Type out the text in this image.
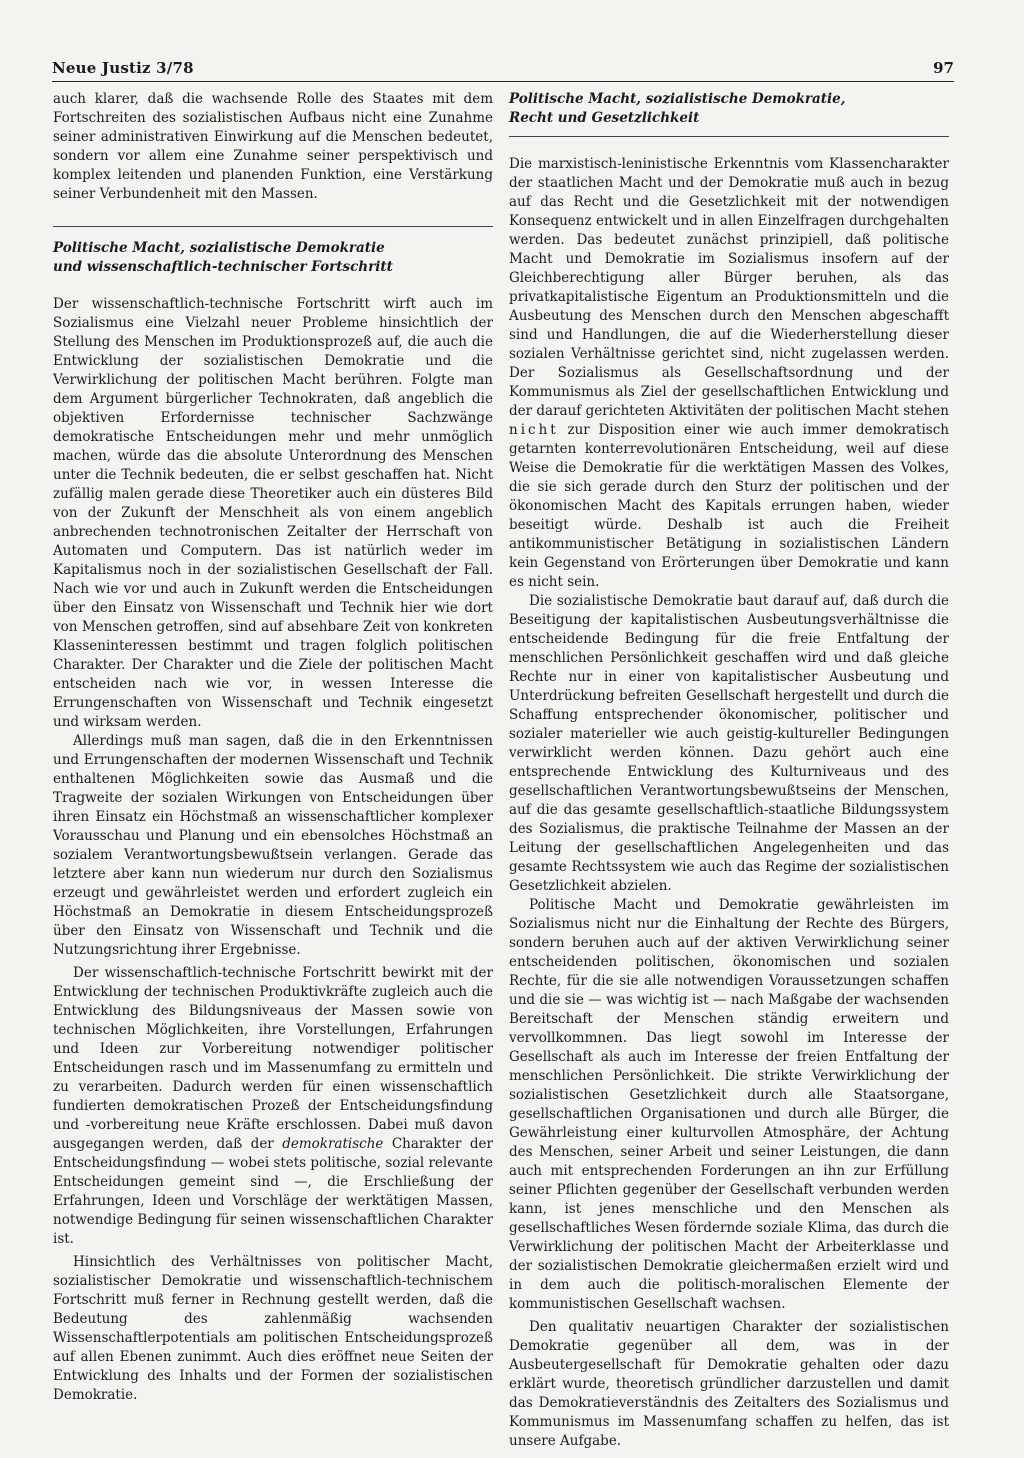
Neue Justiz 3/78	97

auch klarer, daß die wachsende Rolle des Staates mit dem Fortschreiten des sozialistischen Aufbaus nicht eine Zunahme seiner administrativen Einwirkung auf die Menschen bedeutet, sondern vor allem eine Zunahme seiner perspektivisch und komplex leitenden und planenden Funktion, eine Verstärkung seiner Verbundenheit mit den Massen.

Politische Macht, sozialistische Demokratie

und wissenschaftlich-technischer Fortschritt

Der wissenschaftlich-technische Fortschritt wirft auch im Sozialismus eine Vielzahl neuer Probleme hinsichtlich der Stellung des Menschen im Produktionsprozeß auf, die auch die Entwicklung der sozialistischen Demokratie und die Verwirklichung der politischen Macht berühren. Folgte man dem Argument bürgerlicher Technokraten, daß angeblich die objektiven Erfordernisse technischer Sachzwänge demokratische Entscheidungen mehr und mehr unmöglich machen, würde das die absolute Unterordnung des Menschen unter die Technik bedeuten, die er selbst geschaffen hat. Nicht zufällig malen gerade diese Theoretiker auch ein düsteres Bild von der Zukunft der Menschheit als von einem angeblich anbrechenden technotronischen Zeitalter der Herrschaft von Automaten und Computern. Das ist natürlich weder im Kapitalismus noch in der sozialistischen Gesellschaft der Fall. Nach wie vor und auch in Zukunft werden die Entscheidungen über den Einsatz von Wissenschaft und Technik hier wie dort von Menschen getroffen, sind auf absehbare Zeit von konkreten Klasseninteressen bestimmt und tragen folglich politischen Charakter. Der Charakter und die Ziele der politischen Macht entscheiden nach wie vor, in wessen Interesse die Errungenschaften von Wissenschaft und Technik eingesetzt und wirksam werden.

Allerdings muß man sagen, daß die in den Erkenntnissen und Errungenschaften der modernen Wissenschaft und Technik enthaltenen Möglichkeiten sowie das Ausmaß und die Tragweite der sozialen Wirkungen von Entscheidungen über ihren Einsatz ein Höchstmaß an wissenschaftlicher komplexer Vorausschau und Planung und ein ebensolches Höchstmaß an sozialem Verantwortungsbewußtsein verlangen. Gerade das letztere aber kann nun wiederum nur durch den Sozialismus erzeugt und gewährleistet werden und erfordert zugleich ein Höchstmaß an Demokratie in diesem Entscheidungsprozeß über den Einsatz von Wissenschaft und Technik und die Nutzungsrichtung ihrer Ergebnisse.

Der wissenschaftlich-technische Fortschritt bewirkt mit der Entwicklung der technischen Produktivkräfte zugleich auch die Entwicklung des Bildungsniveaus der Massen sowie von technischen Möglichkeiten, ihre Vorstellungen, Erfahrungen und Ideen zur Vorbereitung notwendiger politischer Entscheidungen rasch und im Massenumfang zu ermitteln und zu verarbeiten. Dadurch werden für einen wissenschaftlich fundierten demokratischen Prozeß der Entscheidungsfindung und -vorbereitung neue Kräfte erschlossen. Dabei muß davon ausgegangen werden, daß der demokratische Charakter der Entscheidungsfindung — wobei stets politische, sozial relevante Entscheidungen gemeint sind —, die Erschließung der Erfahrungen, Ideen und Vorschläge der werktätigen Massen, notwendige Bedingung für seinen wissenschaftlichen Charakter ist.

Hinsichtlich des Verhältnisses von politischer Macht, sozialistischer Demokratie und wissenschaftlich-technischem Fortschritt muß ferner in Rechnung gestellt werden, daß die Bedeutung des zahlenmäßig wachsenden Wissenschaftlerpotentials am politischen Entscheidungsprozeß auf allen Ebenen zunimmt. Auch dies eröffnet neue Seiten der Entwicklung des Inhalts und der Formen der sozialistischen Demokratie.

Politische Macht, sozialistische Demokratie,

Recht und Gesetzlichkeit

Die marxistisch-leninistische Erkenntnis vom Klassencharakter der staatlichen Macht und der Demokratie muß auch in bezug auf das Recht und die Gesetzlichkeit mit der notwendigen Konsequenz entwickelt und in allen Einzelfragen durchgehalten werden. Das bedeutet zunächst prinzipiell, daß politische Macht und Demokratie im Sozialismus insofern auf der Gleichberechtigung aller Bürger beruhen, als das privatkapitalistische Eigentum an Produktionsmitteln und die Ausbeutung des Menschen durch den Menschen abgeschafft sind und Handlungen, die auf die Wiederherstellung dieser sozialen Verhältnisse gerichtet sind, nicht zugelassen werden. Der Sozialismus als Gesellschaftsordnung und der Kommunismus als Ziel der gesellschaftlichen Entwicklung und der darauf gerichteten Aktivitäten der politischen Macht stehen nicht zur Disposition einer wie auch immer demokratisch getarnten konterrevolutionären Entscheidung, weil auf diese Weise die Demokratie für die werktätigen Massen des Volkes, die sie sich gerade durch den Sturz der politischen und der ökonomischen Macht des Kapitals errungen haben, wieder beseitigt würde. Deshalb ist auch die Freiheit antikommunistischer Betätigung in sozialistischen Ländern kein Gegenstand von Erörterungen über Demokratie und kann es nicht sein.

Die sozialistische Demokratie baut darauf auf, daß durch die Beseitigung der kapitalistischen Ausbeutungsverhältnisse die entscheidende Bedingung für die freie Entfaltung der menschlichen Persönlichkeit geschaffen wird und daß gleiche Rechte nur in einer von kapitalistischer Ausbeutung und Unterdrückung befreiten Gesellschaft hergestellt und durch die Schaffung entsprechender ökonomischer, politischer und sozialer materieller wie auch geistig-kultureller Bedingungen verwirklicht werden können. Dazu gehört auch eine entsprechende Entwicklung des Kulturniveaus und des gesellschaftlichen Verantwortungsbewußtseins der Menschen, auf die das gesamte gesellschaftlich-staatliche Bildungssystem des Sozialismus, die praktische Teilnahme der Massen an der Leitung der gesellschaftlichen Angelegenheiten und das gesamte Rechtssystem wie auch das Regime der sozialistischen Gesetzlichkeit abzielen.

Politische Macht und Demokratie gewährleisten im Sozialismus nicht nur die Einhaltung der Rechte des Bürgers, sondern beruhen auch auf der aktiven Verwirklichung seiner entscheidenden politischen, ökonomischen und sozialen Rechte, für die sie alle notwendigen Voraussetzungen schaffen und die sie — was wichtig ist — nach Maßgabe der wachsenden Bereitschaft der Menschen ständig erweitern und vervollkommnen. Das liegt sowohl im Interesse der Gesellschaft als auch im Interesse der freien Entfaltung der menschlichen Persönlichkeit. Die strikte Verwirklichung der sozialistischen Gesetzlichkeit durch alle Staatsorgane, gesellschaftlichen Organisationen und durch alle Bürger, die Gewährleistung einer kulturvollen Atmosphäre, der Achtung des Menschen, seiner Arbeit und seiner Leistungen, die dann auch mit entsprechenden Forderungen an ihn zur Erfüllung seiner Pflichten gegenüber der Gesellschaft verbunden werden kann, ist jenes menschliche und den Menschen als gesellschaftliches Wesen fördernde soziale Klima, das durch die Verwirklichung der politischen Macht der Arbeiterklasse und der sozialistischen Demokratie gleichermaßen erzielt wird und in dem auch die politisch-moralischen Elemente der kommunistischen Gesellschaft wachsen.

Den qualitativ neuartigen Charakter der sozialistischen Demokratie gegenüber all dem, was in der Ausbeutergesellschaft für Demokratie gehalten oder dazu erklärt wurde, theoretisch gründlicher darzustellen und damit das Demokratieverständnis des Zeitalters des Sozialismus und Kommunismus im Massenumfang schaffen zu helfen, das ist unsere Aufgabe.
